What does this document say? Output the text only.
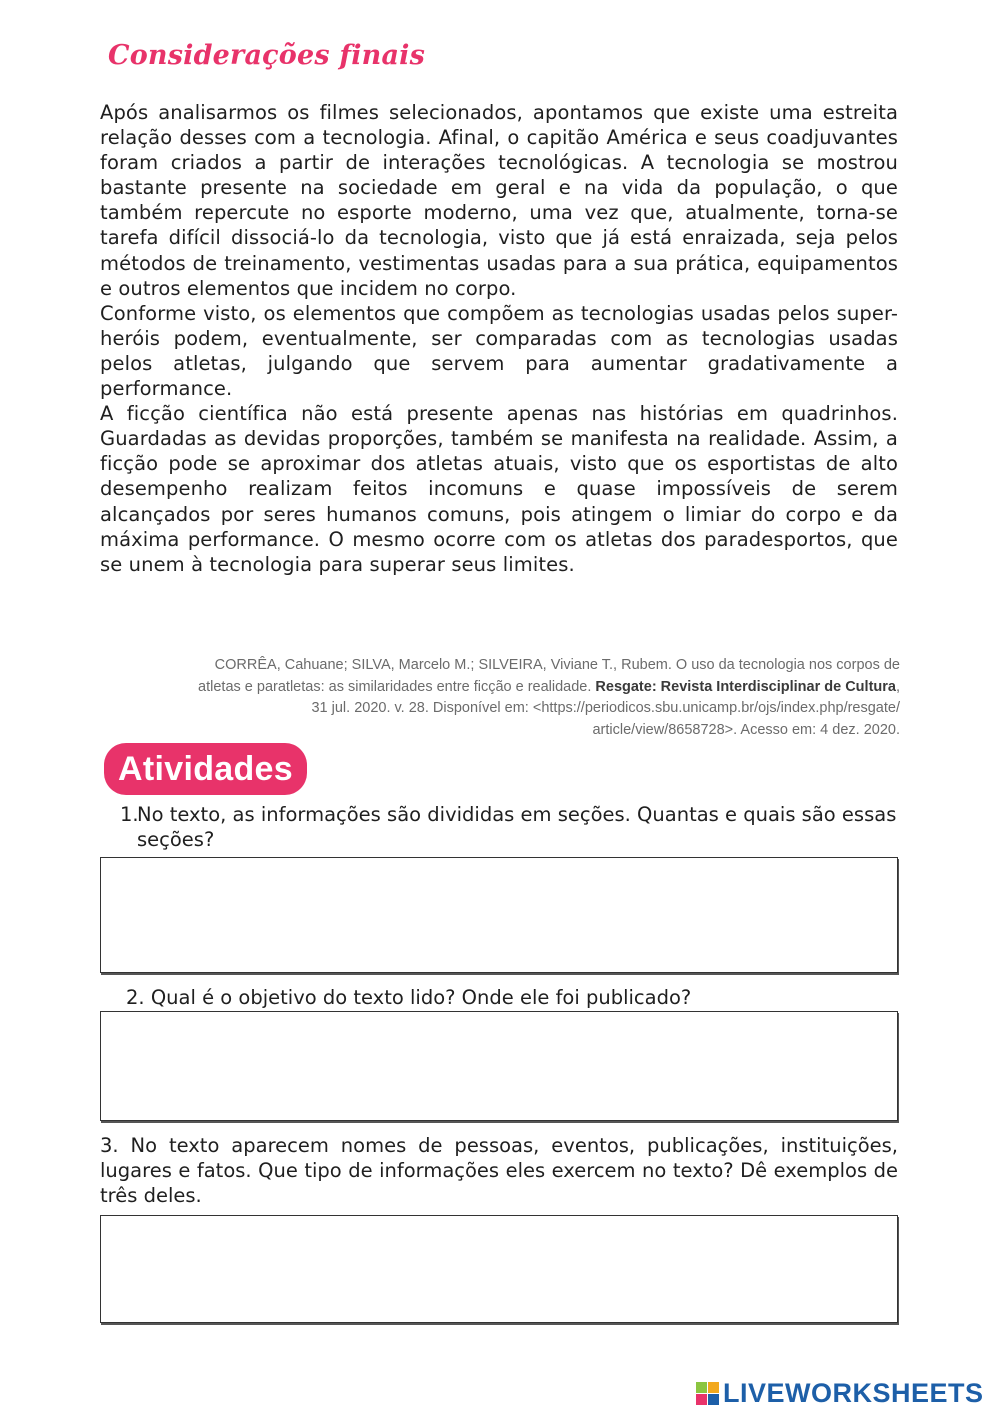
Considerações finais

Após analisarmos os filmes selecionados, apontamos que existe uma estreita relação desses com a tecnologia. Afinal, o capitão América e seus coadjuvantes foram criados a partir de interações tecnológicas. A tecnologia se mostrou bastante presente na sociedade em geral e na vida da população, o que também repercute no esporte moderno, uma vez que, atualmente, torna-se tarefa difícil dissociá-lo da tecnologia, visto que já está enraizada, seja pelos métodos de treinamento, vestimentas usadas para a sua prática, equipamentos e outros elementos que incidem no corpo.

Conforme visto, os elementos que compõem as tecnologias usadas pelos super-heróis podem, eventualmente, ser comparadas com as tecnologias usadas pelos atletas, julgando que servem para aumentar gradativamente a performance.

A ficção científica não está presente apenas nas histórias em quadrinhos. Guardadas as devidas proporções, também se manifesta na realidade. Assim, a ficção pode se aproximar dos atletas atuais, visto que os esportistas de alto desempenho realizam feitos incomuns e quase impossíveis de serem alcançados por seres humanos comuns, pois atingem o limiar do corpo e da máxima performance. O mesmo ocorre com os atletas dos paradesportos, que se unem à tecnologia para superar seus limites.

CORRÊA, Cahuane; SILVA, Marcelo M.; SILVEIRA, Viviane T., Rubem. O uso da tecnologia nos corpos de atletas e paratletas: as similaridades entre ficção e realidade. Resgate: Revista Interdisciplinar de Cultura, 31 jul. 2020. v. 28. Disponível em: <https://periodicos.sbu.unicamp.br/ojs/index.php/resgate/ article/view/8658728>. Acesso em: 4 dez. 2020.

Atividades
1.
No texto, as informações são divididas em seções. Quantas e quais são essas seções?

2. Qual é o objetivo do texto lido? Onde ele foi publicado?

3. No texto aparecem nomes de pessoas, eventos, publicações, instituições, lugares e fatos. Que tipo de informações eles exercem no texto? Dê exemplos de três deles.

LIVEWORKSHEETS
